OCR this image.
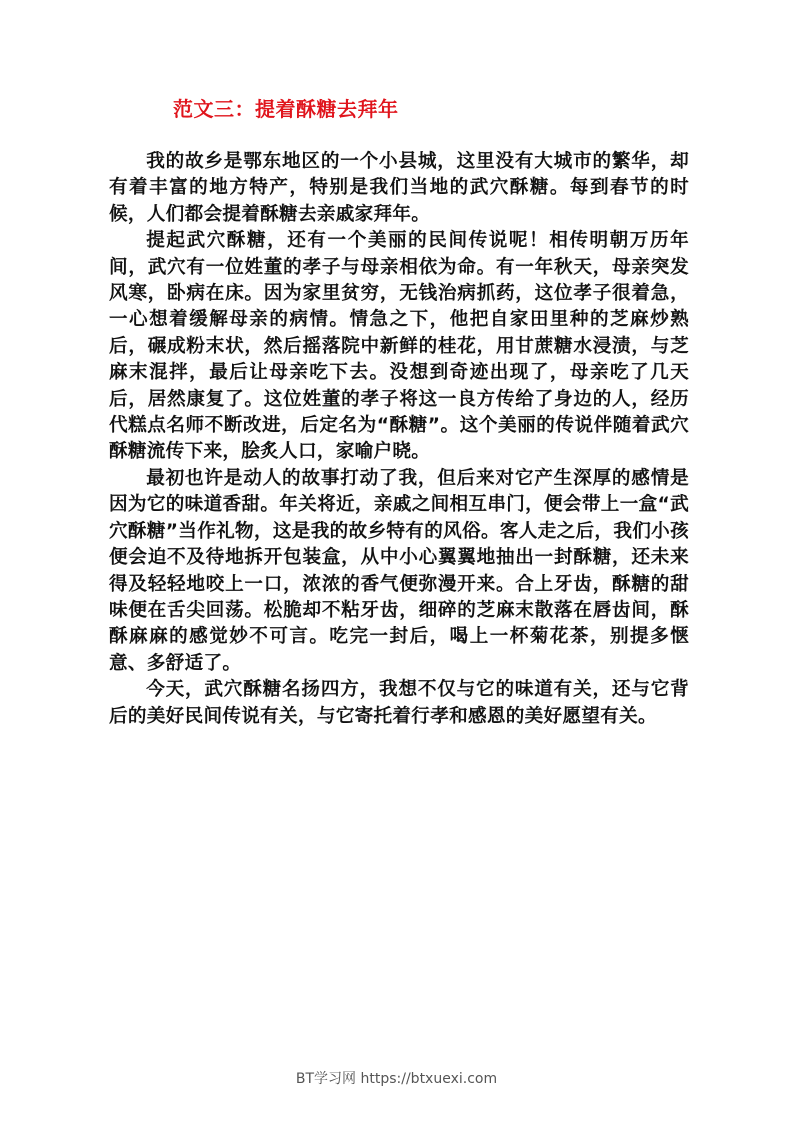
范文三：提着酥糖去拜年

我的故乡是鄂东地区的一个小县城，这里没有大城市的繁华，却有着丰富的地方特产，特别是我们当地的武穴酥糖。每到春节的时候，人们都会提着酥糖去亲戚家拜年。

提起武穴酥糖，还有一个美丽的民间传说呢！相传明朝万历年间，武穴有一位姓董的孝子与母亲相依为命。有一年秋天，母亲突发风寒，卧病在床。因为家里贫穷，无钱治病抓药，这位孝子很着急，一心想着缓解母亲的病情。情急之下，他把自家田里种的芝麻炒熟后，碾成粉末状，然后摇落院中新鲜的桂花，用甘蔗糖水浸渍，与芝麻末混拌，最后让母亲吃下去。没想到奇迹出现了，母亲吃了几天后，居然康复了。这位姓董的孝子将这一良方传给了身边的人，经历代糕点名师不断改进，后定名为“酥糖”。这个美丽的传说伴随着武穴酥糖流传下来，脍炙人口，家喻户晓。

最初也许是动人的故事打动了我，但后来对它产生深厚的感情是因为它的味道香甜。年关将近，亲戚之间相互串门，便会带上一盒“武穴酥糖”当作礼物，这是我的故乡特有的风俗。客人走之后，我们小孩便会迫不及待地拆开包装盒，从中小心翼翼地抽出一封酥糖，还未来得及轻轻地咬上一口，浓浓的香气便弥漫开来。合上牙齿，酥糖的甜味便在舌尖回荡。松脆却不粘牙齿，细碎的芝麻末散落在唇齿间，酥酥麻麻的感觉妙不可言。吃完一封后，喝上一杯菊花茶，别提多惬意、多舒适了。

今天，武穴酥糖名扬四方，我想不仅与它的味道有关，还与它背后的美好民间传说有关，与它寄托着行孝和感恩的美好愿望有关。

BT学习网 https://btxuexi.com
